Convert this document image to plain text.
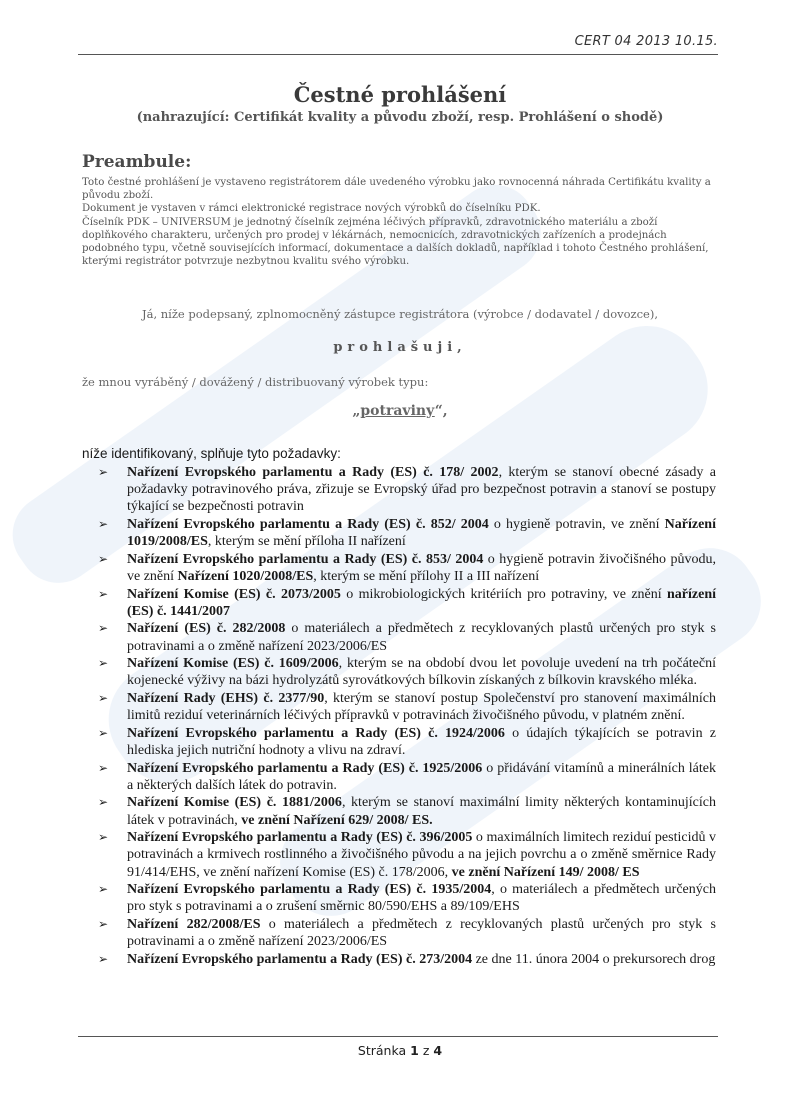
CERT 04 2013 10.15.
Čestné prohlášení
(nahrazující: Certifikát kvality a původu zboží, resp. Prohlášení o shodě)
Preambule:

Toto čestné prohlášení je vystaveno registrátorem dále uvedeného výrobku jako rovnocenná náhrada Certifikátu kvality a původu zboží.

Dokument je vystaven v rámci elektronické registrace nových výrobků do číselníku PDK.

Číselník PDK – UNIVERSUM je jednotný číselník zejména léčivých přípravků, zdravotnického materiálu a zboží doplňkového charakteru, určených pro prodej v lékárnách, nemocnicích, zdravotnických zařízeních a prodejnách podobného typu, včetně souvisejících informací, dokumentace a dalších dokladů, například i tohoto Čestného prohlášení, kterými registrátor potvrzuje nezbytnou kvalitu svého výrobku.

Já, níže podepsaný, zplnomocněný zástupce registrátora (výrobce / dodavatel / dovozce),
prohlašuji,
že mnou vyráběný / dovážený / distribuovaný výrobek typu:
„potraviny“,
níže identifikovaný, splňuje tyto požadavky:
➢ Nařízení Evropského parlamentu a Rady (ES) č. 178/ 2002, kterým se stanoví obecné zásady a požadavky potravinového práva, zřizuje se Evropský úřad pro bezpečnost potravin a stanoví se postupy týkající se bezpečnosti potravin
➢ Nařízení Evropského parlamentu a Rady (ES) č. 852/ 2004 o hygieně potravin, ve znění Nařízení 1019/2008/ES, kterým se mění příloha II nařízení
➢ Nařízení Evropského parlamentu a Rady (ES) č. 853/ 2004 o hygieně potravin živočišného původu, ve znění Nařízení 1020/2008/ES, kterým se mění přílohy II a III nařízení
➢ Nařízení Komise (ES) č. 2073/2005 o mikrobiologických kritériích pro potraviny, ve znění nařízení (ES) č. 1441/2007
➢ Nařízení (ES) č. 282/2008 o materiálech a předmětech z recyklovaných plastů určených pro styk s potravinami a o změně nařízení 2023/2006/ES
➢ Nařízení Komise (ES) č. 1609/2006, kterým se na období dvou let povoluje uvedení na trh počáteční kojenecké výživy na bázi hydrolyzátů syrovátkových bílkovin získaných z bílkovin kravského mléka.
➢ Nařízení Rady (EHS) č. 2377/90, kterým se stanoví postup Společenství pro stanovení maximálních limitů reziduí veterinárních léčivých přípravků v potravinách živočišného původu, v platném znění.
➢ Nařízení Evropského parlamentu a Rady (ES) č. 1924/2006 o údajích týkajících se potravin z hlediska jejich nutriční hodnoty a vlivu na zdraví.
➢ Nařízení Evropského parlamentu a Rady (ES) č. 1925/2006 o přidávání vitamínů a minerálních látek a některých dalších látek do potravin.
➢ Nařízení Komise (ES) č. 1881/2006, kterým se stanoví maximální limity některých kontaminujících látek v potravinách, ve znění Nařízení 629/ 2008/ ES.
➢ Nařízení Evropského parlamentu a Rady (ES) č. 396/2005 o maximálních limitech reziduí pesticidů v potravinách a krmivech rostlinného a živočišného původu a na jejich povrchu a o změně směrnice Rady 91/414/EHS, ve znění nařízení Komise (ES) č. 178/2006, ve znění Nařízení 149/ 2008/ ES
➢ Nařízení Evropského parlamentu a Rady (ES) č. 1935/2004, o materiálech a předmětech určených pro styk s potravinami a o zrušení směrnic 80/590/EHS a 89/109/EHS
➢ Nařízení 282/2008/ES o materiálech a předmětech z recyklovaných plastů určených pro styk s potravinami a o změně nařízení 2023/2006/ES
➢ Nařízení Evropského parlamentu a Rady (ES) č. 273/2004 ze dne 11. února 2004 o prekursorech drog
Stránka 1 z 4
